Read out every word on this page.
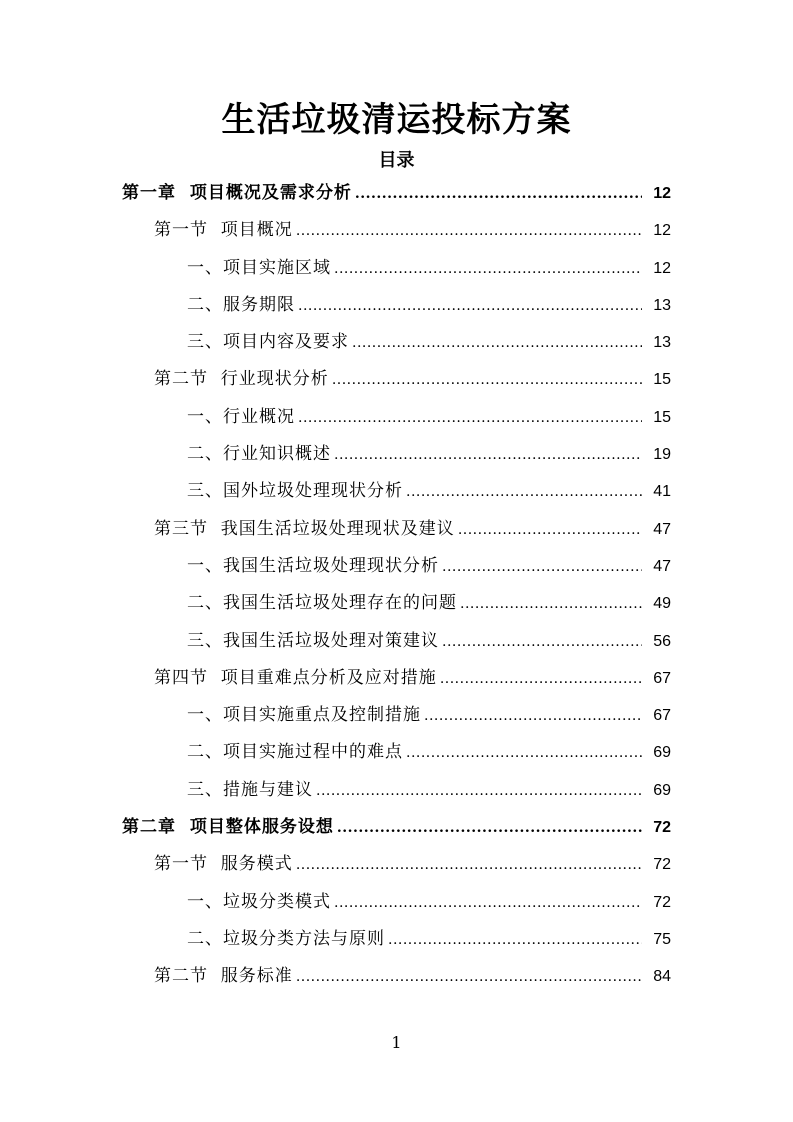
生活垃圾清运投标方案
目录
第一章  项目概况及需求分析 .....	12
第一节  项目概况 .....	12
一、项目实施区域 .....	12
二、服务期限 .....	13
三、项目内容及要求 .....	13
第二节  行业现状分析 .....	15
一、行业概况 .....	15
二、行业知识概述 .....	19
三、国外垃圾处理现状分析 .....	41
第三节  我国生活垃圾处理现状及建议 .....	47
一、我国生活垃圾处理现状分析 .....	47
二、我国生活垃圾处理存在的问题 .....	49
三、我国生活垃圾处理对策建议 .....	56
第四节  项目重难点分析及应对措施 .....	67
一、项目实施重点及控制措施 .....	67
二、项目实施过程中的难点 .....	69
三、措施与建议 .....	69
第二章  项目整体服务设想 .....	72
第一节  服务模式 .....	72
一、垃圾分类模式 .....	72
二、垃圾分类方法与原则 .....	75
第二节  服务标准 .....	84
1
